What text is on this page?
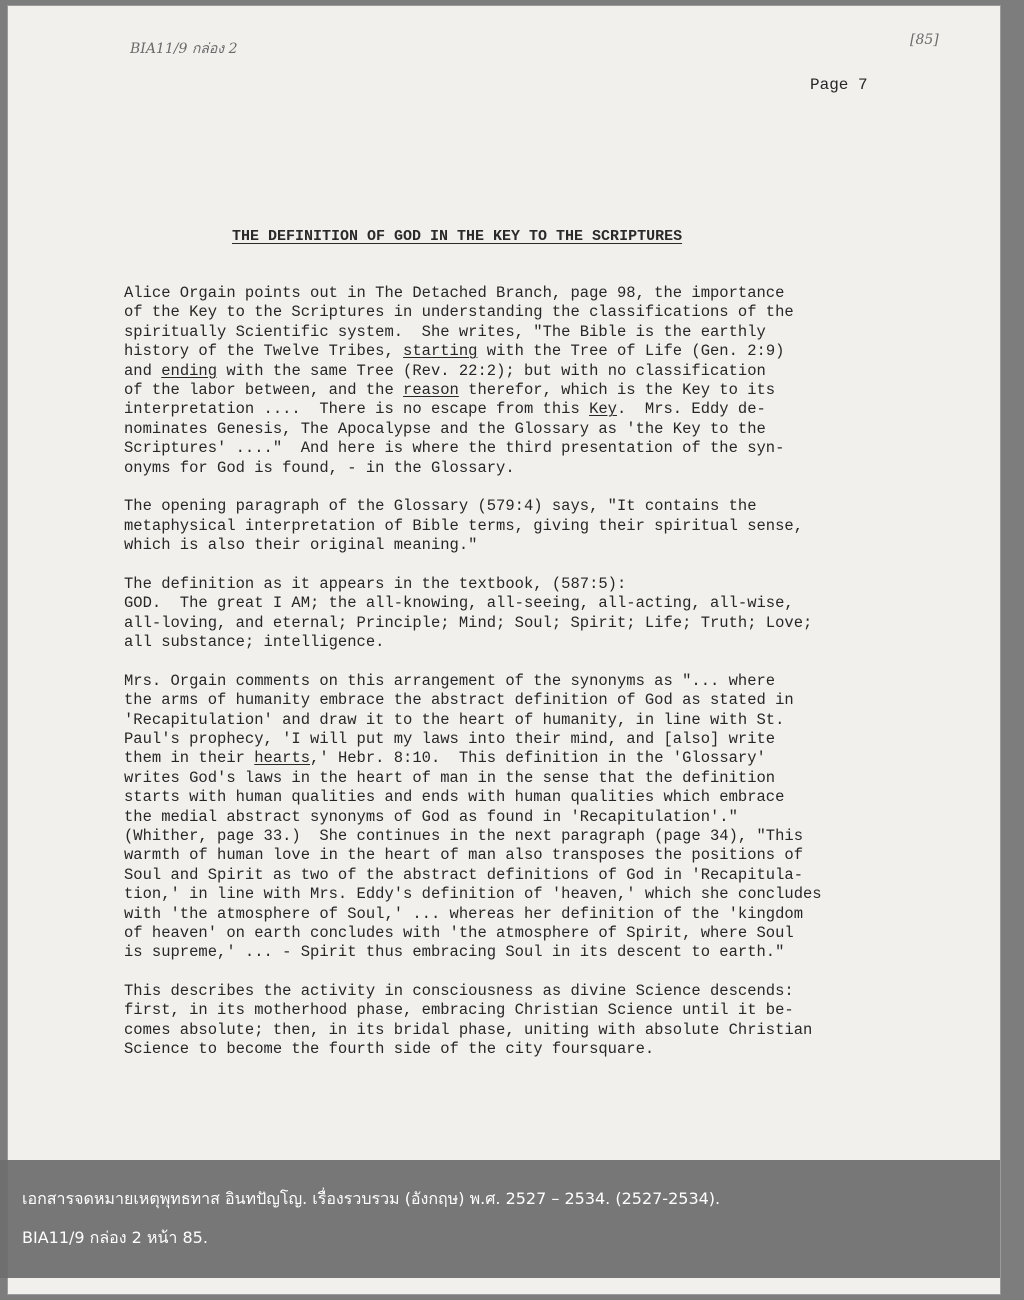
BIA11/9 กล่อง 2
[85]
Page 7
THE DEFINITION OF GOD IN THE KEY TO THE SCRIPTURES
Alice Orgain points out in The Detached Branch, page 98, the importance
of the Key to the Scriptures in understanding the classifications of the
spiritually Scientific system.  She writes, "The Bible is the earthly
history of the Twelve Tribes, starting with the Tree of Life (Gen. 2:9)
and ending with the same Tree (Rev. 22:2); but with no classification
of the labor between, and the reason therefor, which is the Key to its
interpretation ....  There is no escape from this Key.  Mrs. Eddy de-
nominates Genesis, The Apocalypse and the Glossary as 'the Key to the
Scriptures' ...."  And here is where the third presentation of the syn-
onyms for God is found, - in the Glossary.
The opening paragraph of the Glossary (579:4) says, "It contains the
metaphysical interpretation of Bible terms, giving their spiritual sense,
which is also their original meaning."
The definition as it appears in the textbook, (587:5):
GOD.  The great I AM; the all-knowing, all-seeing, all-acting, all-wise,
all-loving, and eternal; Principle; Mind; Soul; Spirit; Life; Truth; Love;
all substance; intelligence.
Mrs. Orgain comments on this arrangement of the synonyms as "... where
the arms of humanity embrace the abstract definition of God as stated in
'Recapitulation' and draw it to the heart of humanity, in line with St.
Paul's prophecy, 'I will put my laws into their mind, and [also] write
them in their hearts,' Hebr. 8:10.  This definition in the 'Glossary'
writes God's laws in the heart of man in the sense that the definition
starts with human qualities and ends with human qualities which embrace
the medial abstract synonyms of God as found in 'Recapitulation'."
(Whither, page 33.)  She continues in the next paragraph (page 34), "This
warmth of human love in the heart of man also transposes the positions of
Soul and Spirit as two of the abstract definitions of God in 'Recapitula-
tion,' in line with Mrs. Eddy's definition of 'heaven,' which she concludes
with 'the atmosphere of Soul,' ... whereas her definition of the 'kingdom
of heaven' on earth concludes with 'the atmosphere of Spirit, where Soul
is supreme,' ... - Spirit thus embracing Soul in its descent to earth."
This describes the activity in consciousness as divine Science descends:
first, in its motherhood phase, embracing Christian Science until it be-
comes absolute; then, in its bridal phase, uniting with absolute Christian
Science to become the fourth side of the city foursquare.
เอกสารจดหมายเหตุพุทธทาส อินทปัญโญ. เรื่องรวบรวม (อังกฤษ) พ.ศ. 2527 – 2534. (2527-2534).
BIA11/9 กล่อง 2 หน้า 85.
